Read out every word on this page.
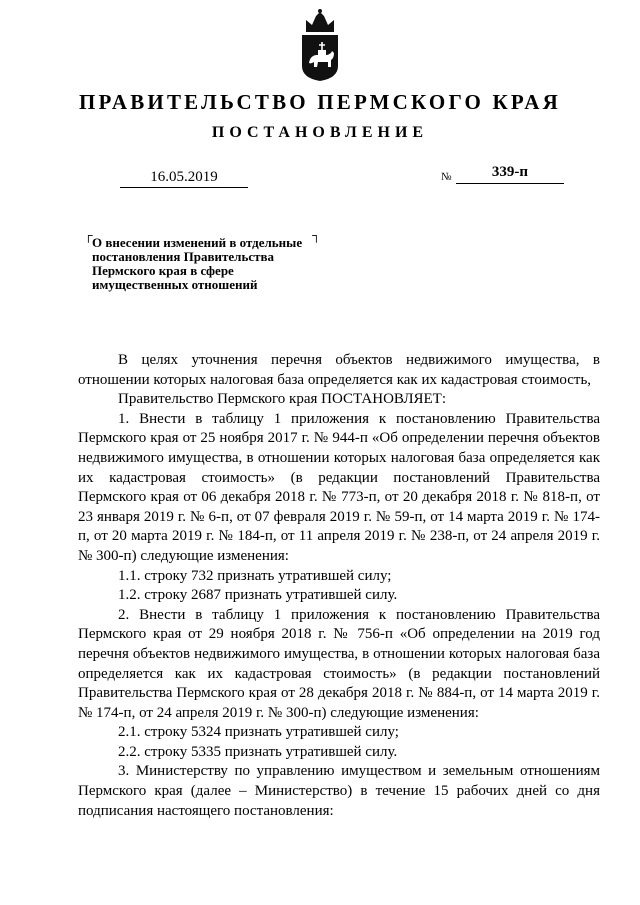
ПРАВИТЕЛЬСТВО ПЕРМСКОГО КРАЯ
ПОСТАНОВЛЕНИЕ
16.05.2019	№	339-п
┌	┐
О внесении изменений в отдельные
постановления Правительства
Пермского края в сфере
имущественных отношений

В целях уточнения перечня объектов недвижимого имущества, в отношении которых налоговая база определяется как их кадастровая стоимость,

Правительство Пермского края ПОСТАНОВЛЯЕТ:

1. Внести в таблицу 1 приложения к постановлению Правительства Пермского края от 25 ноября 2017 г. № 944-п «Об определении перечня объектов недвижимого имущества, в отношении которых налоговая база определяется как их кадастровая стоимость» (в редакции постановлений Правительства Пермского края от 06 декабря 2018 г. № 773-п, от 20 декабря 2018 г. № 818-п, от 23 января 2019 г. № 6-п, от 07 февраля 2019 г. № 59-п, от 14 марта 2019 г. № 174-п, от 20 марта 2019 г. № 184-п, от 11 апреля 2019 г. № 238-п, от 24 апреля 2019 г. № 300-п) следующие изменения:

1.1. строку 732 признать утратившей силу;

1.2. строку 2687 признать утратившей силу.

2. Внести в таблицу 1 приложения к постановлению Правительства Пермского края от 29 ноября 2018 г. № 756-п «Об определении на 2019 год перечня объектов недвижимого имущества, в отношении которых налоговая база определяется как их кадастровая стоимость» (в редакции постановлений Правительства Пермского края от 28 декабря 2018 г. № 884-п, от 14 марта 2019 г. № 174-п, от 24 апреля 2019 г. № 300-п) следующие изменения:

2.1. строку 5324 признать утратившей силу;

2.2. строку 5335 признать утратившей силу.

3. Министерству по управлению имуществом и земельным отношениям Пермского края (далее – Министерство) в течение 15 рабочих дней со дня подписания настоящего постановления:
